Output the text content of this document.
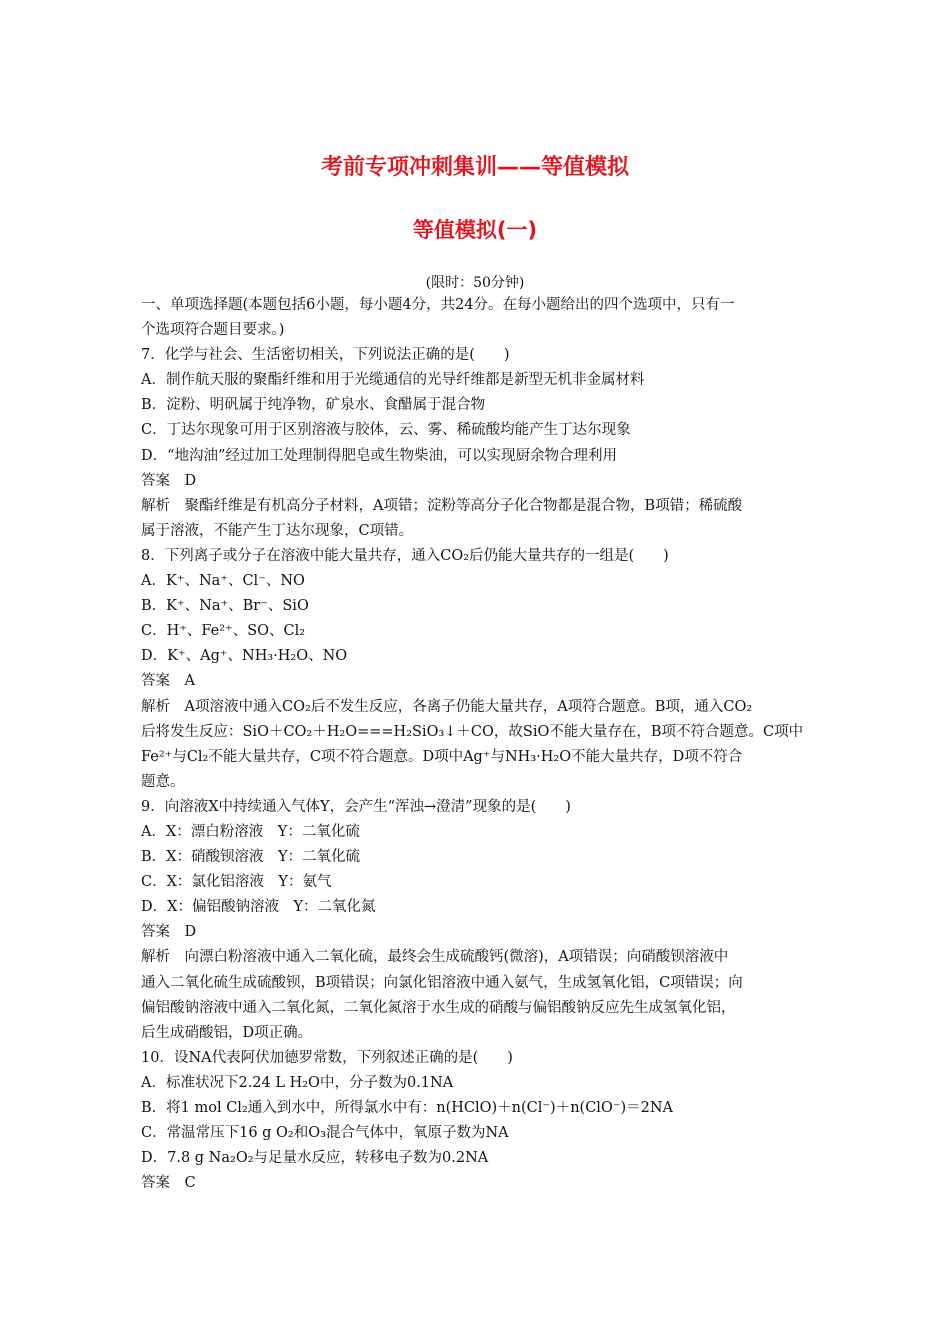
考前专项冲刺集训——等值模拟
等值模拟(一)
(限时：50分钟)
一、单项选择题(本题包括6小题，每小题4分，共24分。在每小题给出的四个选项中，只有一
个选项符合题目要求。)
7．化学与社会、生活密切相关，下列说法正确的是(　　)
A．制作航天服的聚酯纤维和用于光缆通信的光导纤维都是新型无机非金属材料
B．淀粉、明矾属于纯净物，矿泉水、食醋属于混合物
C．丁达尔现象可用于区别溶液与胶体，云、雾、稀硫酸均能产生丁达尔现象
D．“地沟油”经过加工处理制得肥皂或生物柴油，可以实现厨余物合理利用
答案　D
解析　聚酯纤维是有机高分子材料，A项错；淀粉等高分子化合物都是混合物，B项错；稀硫酸
属于溶液，不能产生丁达尔现象，C项错。
8．下列离子或分子在溶液中能大量共存，通入CO₂后仍能大量共存的一组是(　　)
A．K⁺、Na⁺、Cl⁻、NO
B．K⁺、Na⁺、Br⁻、SiO
C．H⁺、Fe²⁺、SO、Cl₂
D．K⁺、Ag⁺、NH₃·H₂O、NO
答案　A
解析　A项溶液中通入CO₂后不发生反应，各离子仍能大量共存，A项符合题意。B项，通入CO₂
后将发生反应：SiO＋CO₂＋H₂O===H₂SiO₃↓＋CO，故SiO不能大量存在，B项不符合题意。C项中
Fe²⁺与Cl₂不能大量共存，C项不符合题意。D项中Ag⁺与NH₃·H₂O不能大量共存，D项不符合
题意。
9．向溶液X中持续通入气体Y，会产生“浑浊→澄清”现象的是(　　)
A．X：漂白粉溶液　Y：二氧化硫
B．X：硝酸钡溶液　Y：二氧化硫
C．X：氯化铝溶液　Y：氨气
D．X：偏铝酸钠溶液　Y：二氧化氮
答案　D
解析　向漂白粉溶液中通入二氧化硫，最终会生成硫酸钙(微溶)，A项错误；向硝酸钡溶液中
通入二氧化硫生成硫酸钡，B项错误；向氯化铝溶液中通入氨气，生成氢氧化铝，C项错误；向
偏铝酸钠溶液中通入二氧化氮，二氧化氮溶于水生成的硝酸与偏铝酸钠反应先生成氢氧化铝，
后生成硝酸铝，D项正确。
10．设NA代表阿伏加德罗常数，下列叙述正确的是(　　)
A．标准状况下2.24 L H₂O中，分子数为0.1NA
B．将1 mol Cl₂通入到水中，所得氯水中有：n(HClO)＋n(Cl⁻)＋n(ClO⁻)＝2NA
C．常温常压下16 g O₂和O₃混合气体中，氧原子数为NA
D．7.8 g Na₂O₂与足量水反应，转移电子数为0.2NA
答案　C
